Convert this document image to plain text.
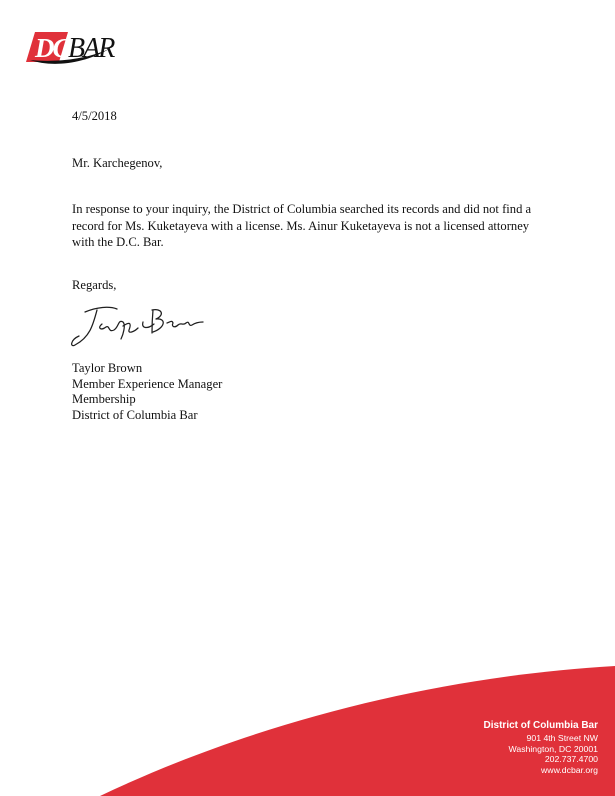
DC BAR
4/5/2018
Mr. Karchegenov,
In response to your inquiry, the District of Columbia searched its records and did not find a record for Ms. Kuketayeva with a license. Ms. Ainur Kuketayeva is not a licensed attorney with the D.C. Bar.
Regards,
Taylor Brown
Member Experience Manager
Membership
District of Columbia Bar
District of Columbia Bar
901 4th Street NW
Washington, DC 20001
202.737.4700
www.dcbar.org
